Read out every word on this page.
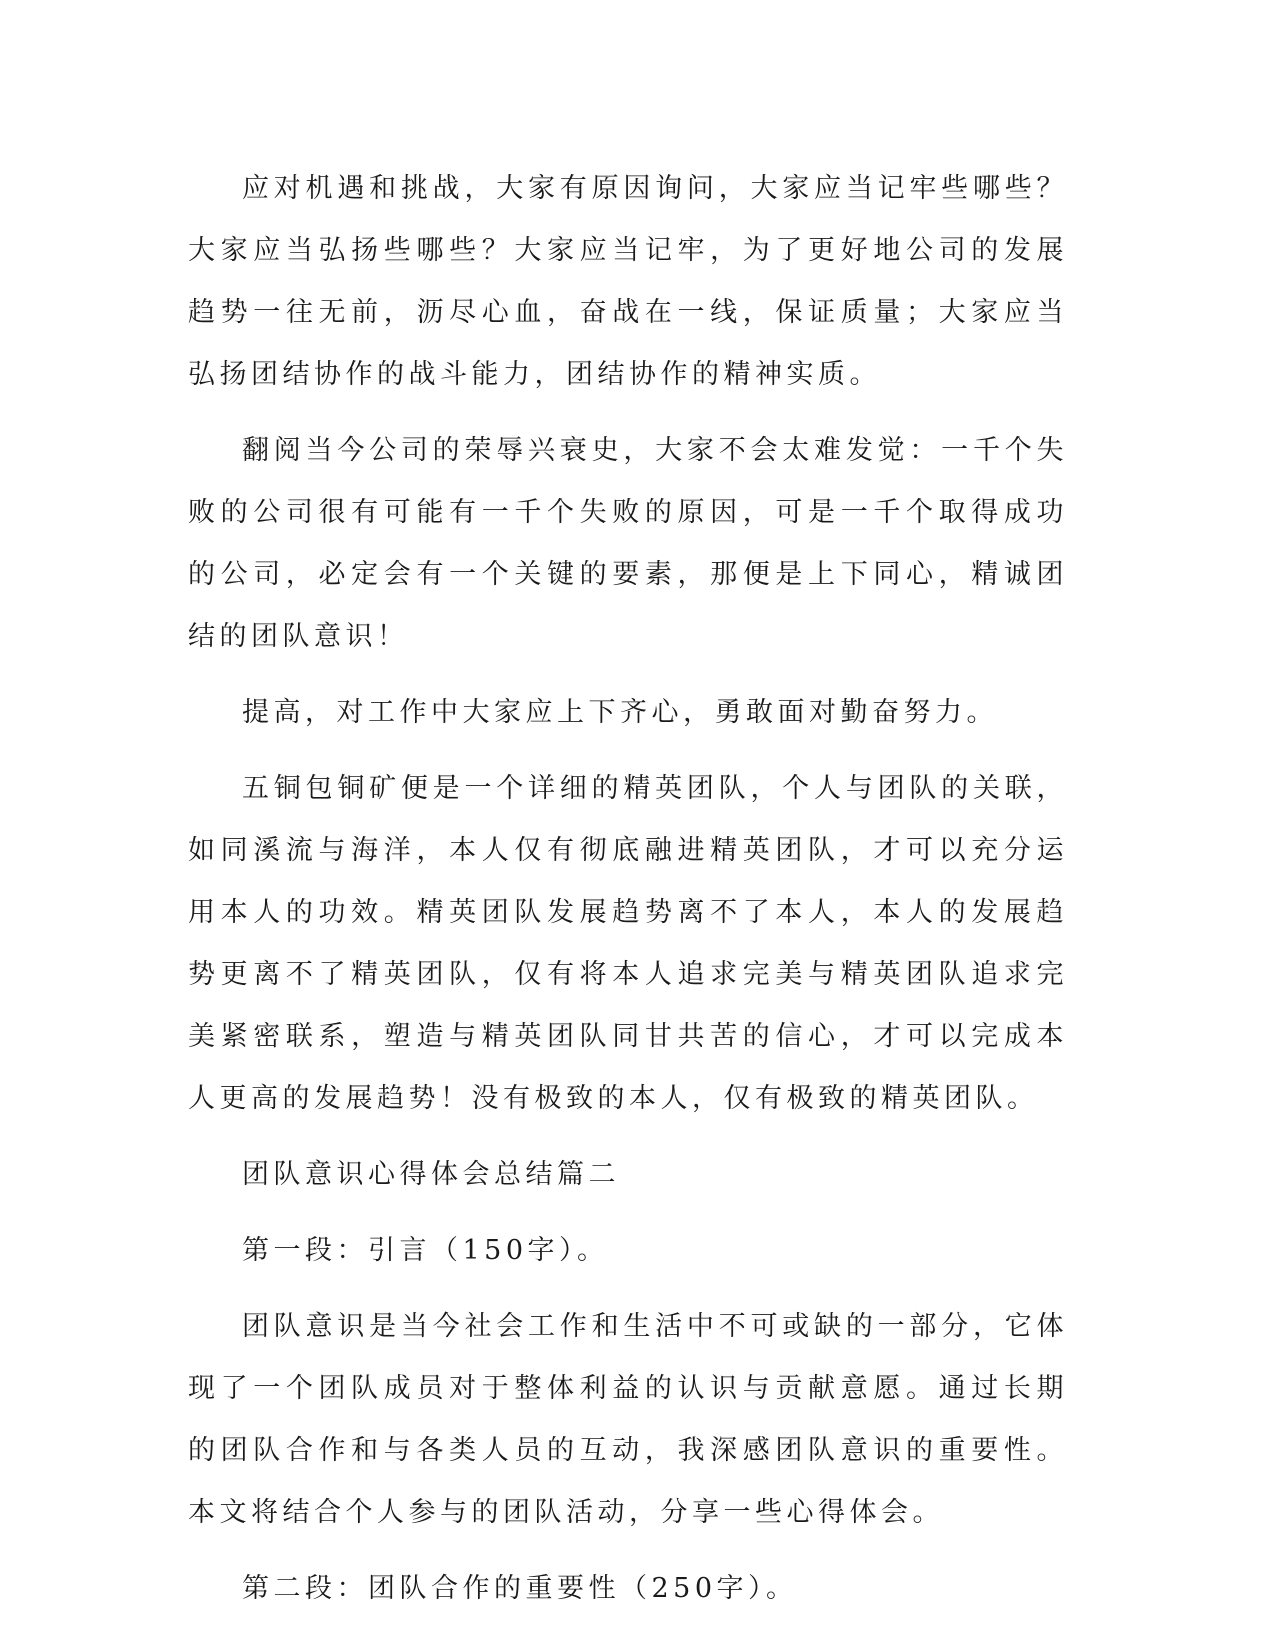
应对机遇和挑战，大家有原因询问，大家应当记牢些哪些？大家应当弘扬些哪些？大家应当记牢，为了更好地公司的发展趋势一往无前，沥尽心血，奋战在一线，保证质量；大家应当弘扬团结协作的战斗能力，团结协作的精神实质。

翻阅当今公司的荣辱兴衰史，大家不会太难发觉：一千个失败的公司很有可能有一千个失败的原因，可是一千个取得成功的公司，必定会有一个关键的要素，那便是上下同心，精诚团结的团队意识！

提高，对工作中大家应上下齐心，勇敢面对勤奋努力。

五铜包铜矿便是一个详细的精英团队，个人与团队的关联，如同溪流与海洋，本人仅有彻底融进精英团队，才可以充分运用本人的功效。精英团队发展趋势离不了本人，本人的发展趋势更离不了精英团队，仅有将本人追求完美与精英团队追求完美紧密联系，塑造与精英团队同甘共苦的信心，才可以完成本人更高的发展趋势！没有极致的本人，仅有极致的精英团队。

团队意识心得体会总结篇二

第一段：引言（150字）。

团队意识是当今社会工作和生活中不可或缺的一部分，它体现了一个团队成员对于整体利益的认识与贡献意愿。通过长期的团队合作和与各类人员的互动，我深感团队意识的重要性。本文将结合个人参与的团队活动，分享一些心得体会。

第二段：团队合作的重要性（250字）。
